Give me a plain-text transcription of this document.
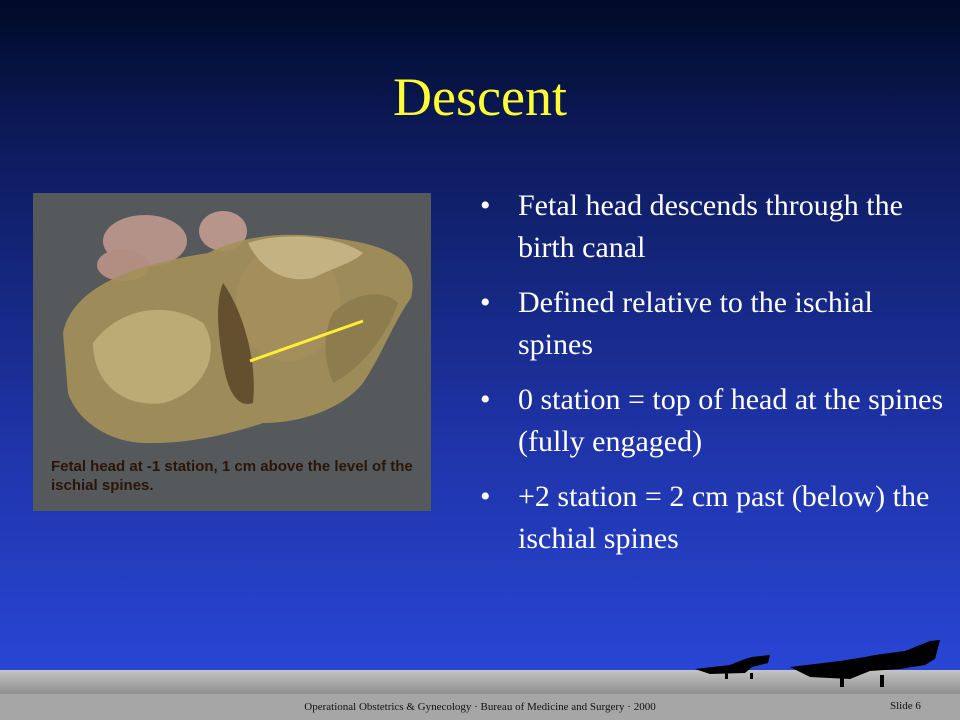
Descent
Fetal head at -1 station, 1 cm above the level of the ischial spines.
• Fetal head descends through the birth canal
• Defined relative to the ischial spines
• 0 station = top of head at the spines (fully engaged)
• +2 station = 2 cm past (below) the ischial spines
Operational Obstetrics & Gynecology · Bureau of Medicine and Surgery · 2000	Slide 6
